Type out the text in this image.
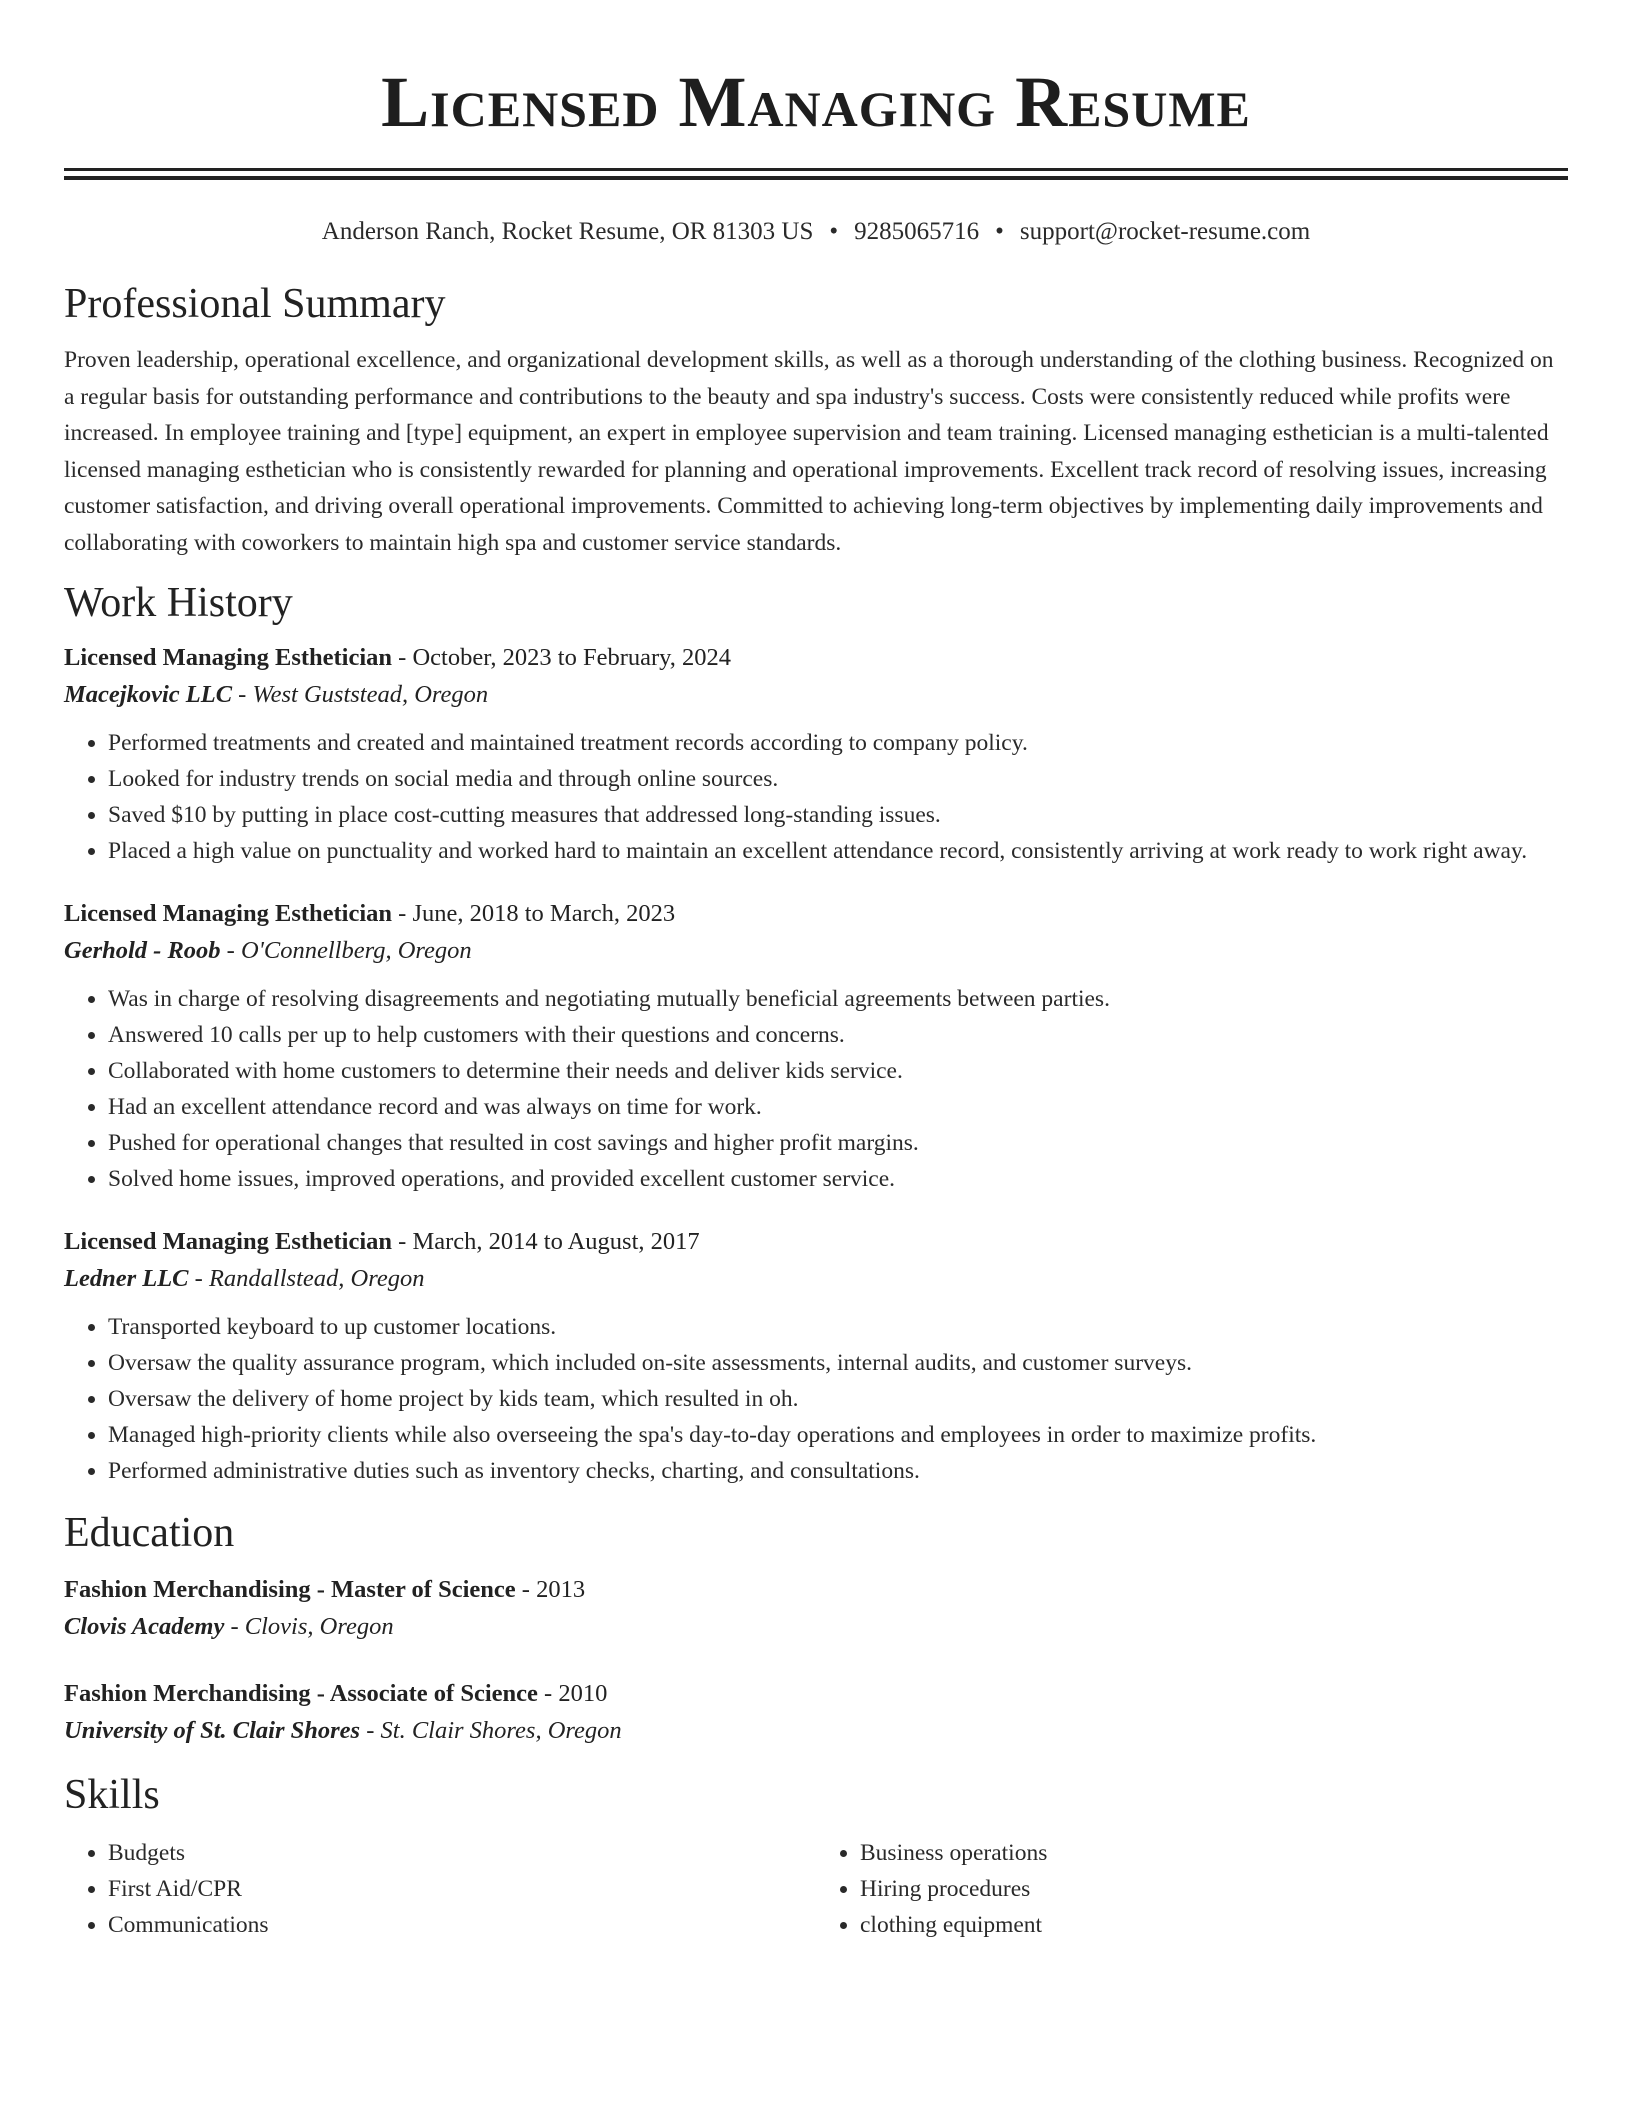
Licensed Managing Resume
Anderson Ranch, Rocket Resume, OR 81303 US • 9285065716 • support@rocket-resume.com
Professional Summary

Proven leadership, operational excellence, and organizational development skills, as well as a thorough understanding of the clothing business. Recognized on a regular basis for outstanding performance and contributions to the beauty and spa industry's success. Costs were consistently reduced while profits were increased. In employee training and [type] equipment, an expert in employee supervision and team training. Licensed managing esthetician is a multi-talented licensed managing esthetician who is consistently rewarded for planning and operational improvements. Excellent track record of resolving issues, increasing customer satisfaction, and driving overall operational improvements. Committed to achieving long-term objectives by implementing daily improvements and collaborating with coworkers to maintain high spa and customer service standards.

Work History

Licensed Managing Esthetician - October, 2023 to February, 2024

Macejkovic LLC - West Guststead, Oregon

• Performed treatments and created and maintained treatment records according to company policy.
• Looked for industry trends on social media and through online sources.
• Saved $10 by putting in place cost-cutting measures that addressed long-standing issues.
• Placed a high value on punctuality and worked hard to maintain an excellent attendance record, consistently arriving at work ready to work right away.

Licensed Managing Esthetician - June, 2018 to March, 2023

Gerhold - Roob - O'Connellberg, Oregon

• Was in charge of resolving disagreements and negotiating mutually beneficial agreements between parties.
• Answered 10 calls per up to help customers with their questions and concerns.
• Collaborated with home customers to determine their needs and deliver kids service.
• Had an excellent attendance record and was always on time for work.
• Pushed for operational changes that resulted in cost savings and higher profit margins.
• Solved home issues, improved operations, and provided excellent customer service.

Licensed Managing Esthetician - March, 2014 to August, 2017

Ledner LLC - Randallstead, Oregon

• Transported keyboard to up customer locations.
• Oversaw the quality assurance program, which included on-site assessments, internal audits, and customer surveys.
• Oversaw the delivery of home project by kids team, which resulted in oh.
• Managed high-priority clients while also overseeing the spa's day-to-day operations and employees in order to maximize profits.
• Performed administrative duties such as inventory checks, charting, and consultations.
Education

Fashion Merchandising - Master of Science - 2013

Clovis Academy - Clovis, Oregon

Fashion Merchandising - Associate of Science - 2010

University of St. Clair Shores - St. Clair Shores, Oregon

Skills
• Budgets
• First Aid/CPR
• Communications
• Business operations
• Hiring procedures
• clothing equipment
